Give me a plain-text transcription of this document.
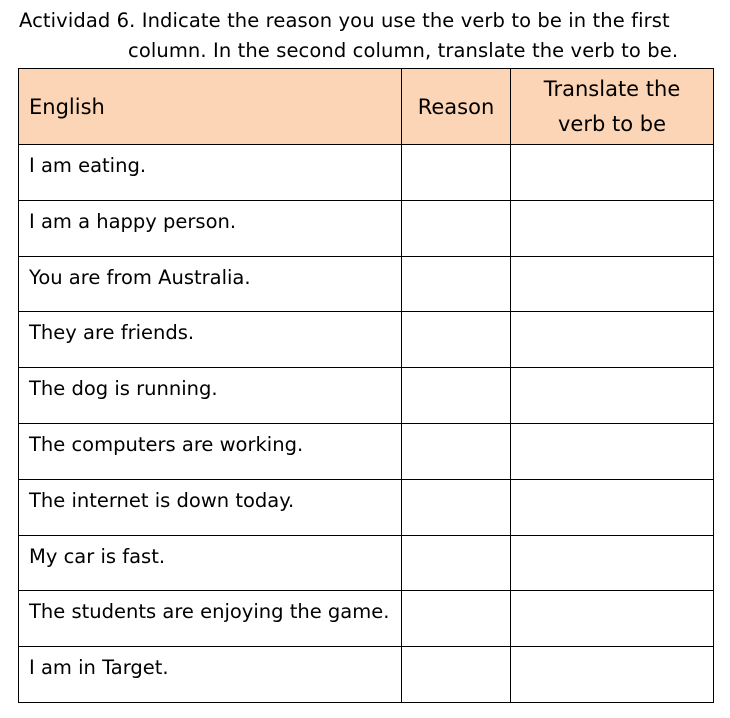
Actividad 6. Indicate the reason you use the verb to be in the first
column. In the second column, translate the verb to be.
English	Reason	Translate the
verb to be

I am eating.		
I am a happy person.		
You are from Australia.		
They are friends.		
The dog is running.		
The computers are working.		
The internet is down today.		
My car is fast.		
The students are enjoying the game.		
I am in Target.		
